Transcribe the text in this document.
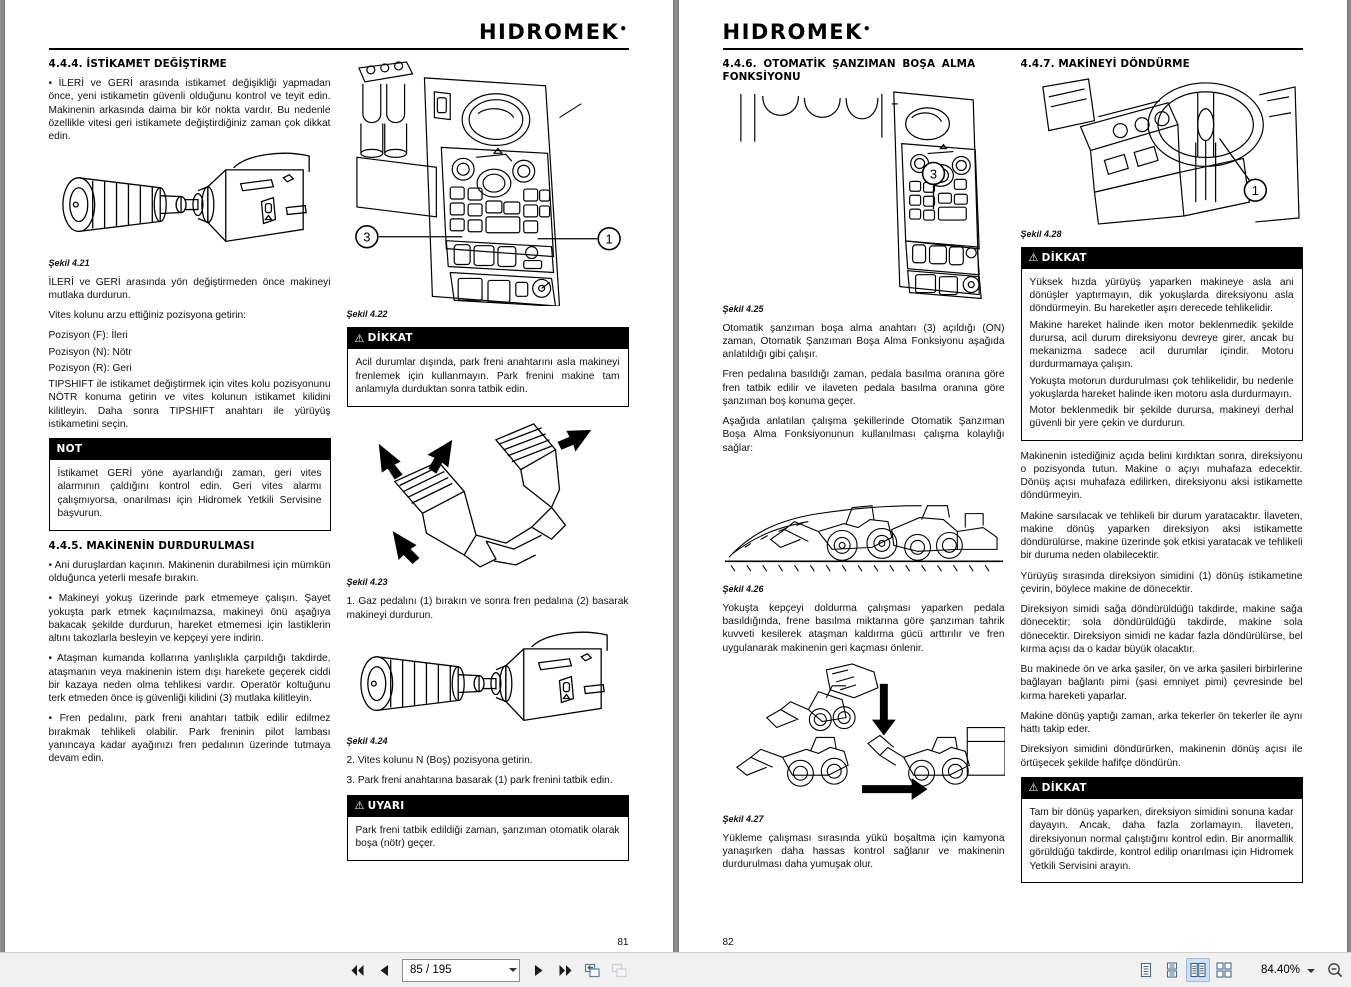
HIDROMEK•
4.4.4. İSTİKAMET DEĞİŞTİRME

• İLERİ ve GERİ arasında istikamet değişikliği yapmadan önce, yeni istikametin güvenli olduğunu kontrol ve teyit edin. Makinenin arkasında daima bir kör nokta vardır. Bu nedenle özellikle vitesi geri istikamete değiştirdiğiniz zaman çok dikkat edin.

Şekil 4.21

İLERİ ve GERİ arasında yön değiştirmeden önce makineyi mutlaka durdurun.

Vites kolunu arzu ettiğiniz pozisyona getirin:

Pozisyon (F): İleri

Pozisyon (N): Nötr

Pozisyon (R): Geri

TIPSHIFT ile istikamet değiştirmek için vites kolu pozisyonunu NÖTR konuma getirin ve vites kolunun istikamet kilidini kilitleyin. Daha sonra TIPSHIFT anahtarı ile yürüyüş istikametini seçin.

NOT
İstikamet GERİ yöne ayarlandığı zaman, geri vites alarmının çaldığını kontrol edin. Geri vites alarmı çalışmıyorsa, onarılması için Hidromek Yetkili Servisine başvurun.
4.4.5. MAKİNENİN DURDURULMASI

• Ani duruşlardan kaçının. Makinenin durabilmesi için mümkün olduğunca yeterli mesafe bırakın.

• Makineyi yokuş üzerinde park etmemeye çalışın. Şayet yokuşta park etmek kaçınılmazsa, makineyi önü aşağıya bakacak şekilde durdurun, hareket etmemesi için lastiklerin altını takozlarla besleyin ve kepçeyi yere indirin.

• Ataşman kumanda kollarına yanlışlıkla çarpıldığı takdirde, ataşmanın veya makinenin istem dışı harekete geçerek ciddi bir kazaya neden olma tehlikesi vardır. Operatör koltuğunu terk etmeden önce iş güvenliği kilidini (3) mutlaka kilitleyin.

• Fren pedalını, park freni anahtarı tatbik edilir edilmez bırakmak tehlikeli olabilir. Park freninin pilot lambası yanıncaya kadar ayağınızı fren pedalının üzerinde tutmaya devam edin.

3	1

Şekil 4.22

⚠ DİKKAT
Acil durumlar dışında, park freni anahtarını asla makineyi frenlemek için kullanmayın. Park frenini makine tam anlamıyla durduktan sonra tatbik edin.

Şekil 4.23

1. Gaz pedalını (1) bırakın ve sonra fren pedalına (2) basarak makineyi durdurun.

Şekil 4.24

2. Vites kolunu N (Boş) pozisyona getirin.

3. Park freni anahtarına basarak (1) park frenini tatbik edin.

⚠ UYARI
Park freni tatbik edildiği zaman, şanzıman otomatik olarak boşa (nötr) geçer.
81
HIDROMEK•
4.4.6. OTOMATİK ŞANZIMAN BOŞA ALMA FONKSİYONU
3

Şekil 4.25

Otomatik şanzıman boşa alma anahtarı (3) açıldığı (ON) zaman, Otomatik Şanzıman Boşa Alma Fonksiyonu aşağıda anlatıldığı gibi çalışır.

Fren pedalına basıldığı zaman, pedala basılma oranına göre fren tatbik edilir ve ilaveten pedala basılma oranına göre şanzıman boş konuma geçer.

Aşağıda anlatılan çalışma şekillerinde Otomatik Şanzıman Boşa Alma Fonksiyonunun kullanılması çalışma kolaylığı sağlar:

Şekil 4.26

Yokuşta kepçeyi doldurma çalışması yaparken pedala basıldığında, frene basılma miktarına göre şanzıman tahrik kuvveti kesilerek ataşman kaldırma gücü arttırılır ve fren uygulanarak makinenin geri kaçması önlenir.

Şekil 4.27

Yükleme çalışması sırasında yükü boşaltma için kamyona yanaşırken daha hassas kontrol sağlanır ve makinenin durdurulması daha yumuşak olur.

4.4.7. MAKİNEYİ DÖNDÜRME
1

Şekil 4.28

⚠ DİKKAT

Yüksek hızda yürüyüş yaparken makineye asla ani dönüşler yaptırmayın, dik yokuşlarda direksiyonu asla döndürmeyin. Bu hareketler aşırı derecede tehlikelidir.

Makine hareket halinde iken motor beklenmedik şekilde durursa, acil durum direksiyonu devreye girer, ancak bu mekanizma sadece acil durumlar içindir. Motoru durdurmamaya çalışın.

Yokuşta motorun durdurulması çok tehlikelidir, bu nedenle yokuşlarda hareket halinde iken motoru asla durdurmayın.

Motor beklenmedik bir şekilde durursa, makineyi derhal güvenli bir yere çekin ve durdurun.

Makinenin istediğiniz açıda belini kırdıktan sonra, direksiyonu o pozisyonda tutun. Makine o açıyı muhafaza edecektir. Dönüş açısı muhafaza edilirken, direksiyonu aksi istikamette döndürmeyin.

Makine sarsılacak ve tehlikeli bir durum yaratacaktır. İlaveten, makine dönüş yaparken direksiyon aksi istikamette döndürülürse, makine üzerinde şok etkisi yaratacak ve tehlikeli bir duruma neden olabilecektir.

Yürüyüş sırasında direksiyon simidini (1) dönüş istikametine çevirin, böylece makine de dönecektir.

Direksiyon simidi sağa döndürüldüğü takdirde, makine sağa dönecektir; sola döndürüldüğü takdirde, makine sola dönecektir. Direksiyon simidi ne kadar fazla döndürülürse, bel kırma açısı da o kadar büyük olacaktır.

Bu makinede ön ve arka şasiler, ön ve arka şasileri birbirlerine bağlayan bağlantı pimi (şasi emniyet pimi) çevresinde bel kırma hareketi yaparlar.

Makine dönüş yaptığı zaman, arka tekerler ön tekerler ile aynı hattı takip eder.

Direksiyon simidini döndürürken, makinenin dönüş açısı ile örtüşecek şekilde hafifçe döndürün.

⚠ DİKKAT
Tam bir dönüş yaparken, direksiyon simidini sonuna kadar dayayın. Ancak, daha fazla zorlamayın. İlaveten, direksiyonun normal çalıştığını kontrol edin. Bir anormallik görüldüğü takdirde, kontrol edilip onarılması için Hidromek Yetkili Servisini arayın.
82
85 / 195
84.40%
